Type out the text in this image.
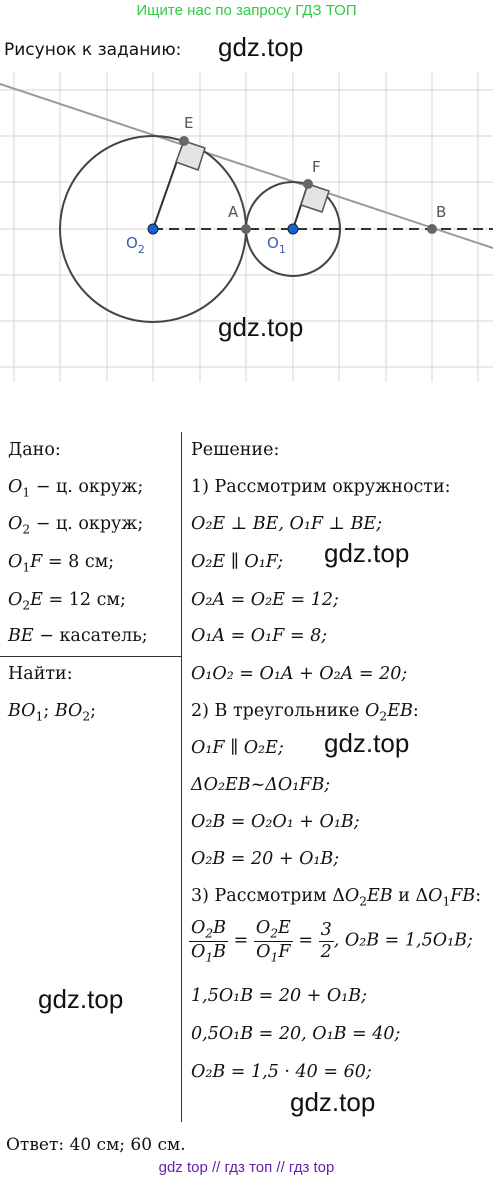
Ищите нас по запросу ГДЗ ТОП
Рисунок к заданию: gdz.top
E
F
A	B
$O_2$	$O_1$
gdz.top
Дано:
$O_1 - ц$. окруж;
$O_2 - ц$. окруж;
$O_1F = 8$ см;
$O_2E = 12$ см;
BE − касатель;
Найти:
$BO_1$; $BO_2$;
Решение:
1) Рассмотрим окружности:
O₂E ⊥ BE, O₁F ⊥ BE;
O₂E ∥ O₁F;
O₂A = O₂E = 12;
O₁A = O₁F = 8;
O₁O₂ = O₁A + O₂A = 20;
2) В треугольнике $O_2EB$:
O₁F ∥ O₂E;
ΔO₂EB~ΔO₁FB;
O₂B = O₂O₁ + O₁B;
O₂B = 20 + O₁B;
3) Рассмотрим $\Delta O_2EB$ и $\Delta O_1FB$:
$\frac{O_2B}{O_1B} = \frac{O_2E}{O_1F} = \frac{3}{2}$ , O₂B = 1,5O₁B;
1,5O₁B = 20 + O₁B;
0,5O₁B = 20, O₁B = 40;
O₂B = 1,5 · 40 = 60;
gdz.top
gdz.top
gdz.top
gdz.top
Ответ: 40 см; 60 см.
gdz top // гдз топ // гдз top
